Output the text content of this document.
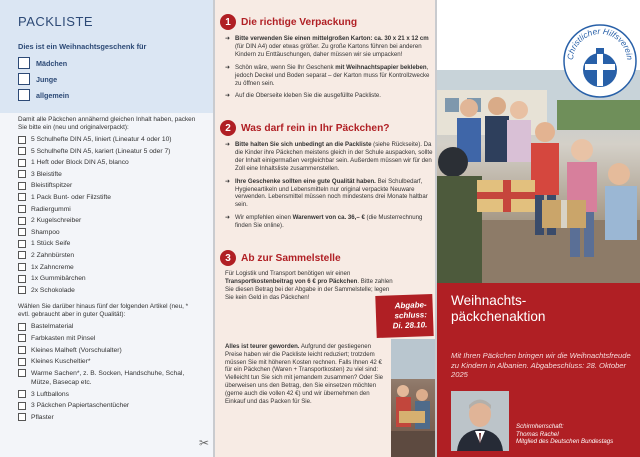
PACKLISTE
Dies ist ein Weihnachtsgeschenk für
Mädchen
Junge
allgemein
Damit alle Päckchen annähernd gleichen Inhalt haben, packen Sie bitte ein (neu und originalverpackt):
5 Schulhefte DIN A5, liniert (Lineatur 4 oder 10)
5 Schulhefte DIN A5, kariert (Lineatur 5 oder 7)
1 Heft oder Block DIN A5, blanco
3 Bleistifte
Bleistiftspitzer
1 Pack Bunt- oder Filzstifte
Radiergummi
2 Kugelschreiber
Shampoo
1 Stück Seife
2 Zahnbürsten
1x Zahncreme
1x Gummibärchen
2x Schokolade
Wählen Sie darüber hinaus fünf der folgenden Artikel (neu, * evtl. gebraucht aber in guter Qualität):
Bastelmaterial
Farbkasten mit Pinsel
Kleines Malheft (Vorschulalter)
Kleines Kuscheltier*
Warme Sachen*, z. B. Socken, Handschuhe, Schal, Mütze, Basecap etc.
3 Luftballons
3 Päckchen Papiertaschentücher
Pflaster
✂
1	Die richtige Verpackung
➜ Bitte verwenden Sie einen mittelgroßen Karton: ca. 30 x 21 x 12 cm (für DIN A4) oder etwas größer. Zu große Kartons führen bei anderen Kindern zu Enttäuschungen, daher müssen wir sie umpacken!
➜ Schön wäre, wenn Sie Ihr Geschenk mit Weihnachtspapier bekleben, jedoch Deckel und Boden separat – der Karton muss für Kontrollzwecke zu öffnen sein.
➜ Auf die Oberseite kleben Sie die ausgefüllte Packliste.
2	Was darf rein in Ihr Päckchen?
➜ Bitte halten Sie sich unbedingt an die Packliste (siehe Rückseite). Da die Kinder ihre Päckchen meistens gleich in der Schule auspacken, sollte der Inhalt einigermaßen vergleichbar sein. Außerdem müssen wir für den Zoll eine Inhaltsliste zusammenstellen.
➜ Ihre Geschenke sollten eine gute Qualität haben. Bei Schulbedarf, Hygieneartikeln und Lebensmitteln nur original verpackte Neuware verwenden. Lebensmittel müssen noch mindestens drei Monate haltbar sein.
➜ Wir empfehlen einen Warenwert von ca. 36,– € (die Musterrechnung finden Sie online).
3	Ab zur Sammelstelle
Für Logistik und Transport benötigen wir einen Transportkostenbeitrag von 6 € pro Päckchen. Bitte zahlen Sie diesen Betrag bei der Abgabe in der Sammelstelle; legen Sie kein Geld in das Päckchen!
Abgabe-
schluss:
Di. 28.10.
Alles ist teurer geworden. Aufgrund der gestiegenen Preise haben wir die Packliste leicht reduziert; trotzdem müssen Sie mit höheren Kosten rechnen. Falls Ihnen 42 € für ein Päckchen (Waren + Transportkosten) zu viel sind: Vielleicht tun Sie sich mit jemandem zusammen? Oder Sie überweisen uns den Betrag, den Sie einsetzen möchten (gerne auch die vollen 42 €) und wir übernehmen den Einkauf und das Packen für Sie.
Christlicher Hilfsverein
Weihnachts-
päckchenaktion
Mit Ihren Päckchen bringen wir die Weihnachtsfreude zu Kindern in Albanien. Abgabeschluss: 28. Oktober 2025
Schirmherrschaft:
Thomas Rachel
Mitglied des Deutschen Bundestags
